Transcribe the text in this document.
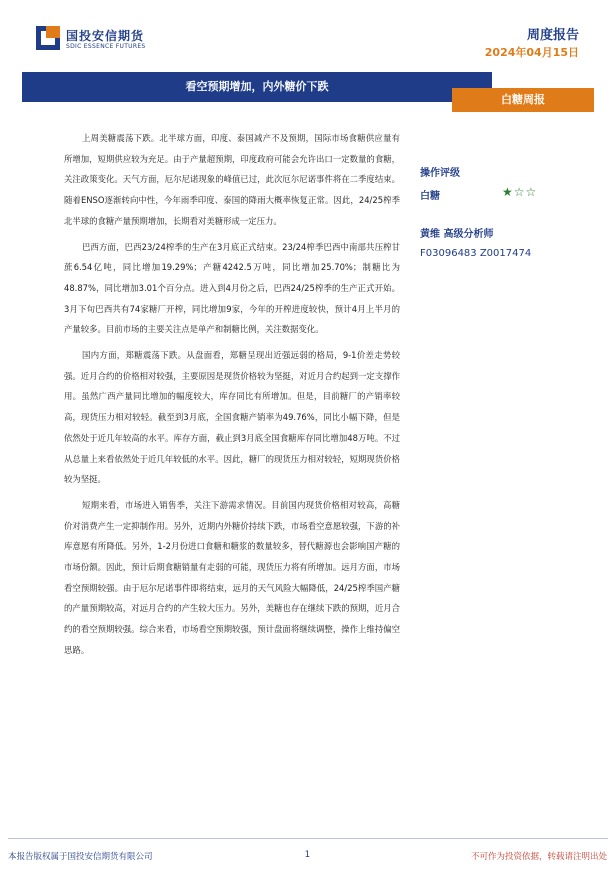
国投安信期货
SDIC ESSENCE FUTURES
周度报告
2024年04月15日
看空预期增加，内外糖价下跌
白糖周报

上周美糖震荡下跌。北半球方面，印度、泰国减产不及预期，国际市场食糖供应量有所增加，短期供应较为充足。由于产量超预期，印度政府可能会允许出口一定数量的食糖，关注政策变化。天气方面，厄尔尼诺现象的峰值已过，此次厄尔尼诺事件将在二季度结束。随着ENSO逐渐转向中性，今年雨季印度、泰国的降雨大概率恢复正常。因此，24/25榨季北半球的食糖产量预期增加，长期看对美糖形成一定压力。

巴西方面，巴西23/24榨季的生产在3月底正式结束。23/24榨季巴西中南部共压榨甘蔗6.54亿吨，同比增加19.29%；产糖4242.5万吨，同比增加25.70%；制糖比为48.87%，同比增加3.01个百分点。进入到4月份之后，巴西24/25榨季的生产正式开始。3月下旬巴西共有74家糖厂开榨，同比增加9家，今年的开榨进度较快，预计4月上半月的产量较多。目前市场的主要关注点是单产和制糖比例，关注数据变化。

国内方面，郑糖震荡下跌。从盘面看，郑糖呈现出近强远弱的格局，9-1价差走势较强。近月合约的价格相对较强，主要原因是现货价格较为坚挺，对近月合约起到一定支撑作用。虽然广西产量同比增加的幅度较大，库存同比有所增加。但是，目前糖厂的产销率较高，现货压力相对较轻。截至到3月底，全国食糖产销率为49.76%，同比小幅下降，但是依然处于近几年较高的水平。库存方面，截止到3月底全国食糖库存同比增加48万吨。不过从总量上来看依然处于近几年较低的水平。因此，糖厂的现货压力相对较轻，短期现货价格较为坚挺。

短期来看，市场进入销售季，关注下游需求情况。目前国内现货价格相对较高，高糖价对消费产生一定抑制作用。另外，近期内外糖价持续下跌，市场看空意愿较强，下游的补库意愿有所降低。另外，1-2月份进口食糖和糖浆的数量较多，替代糖源也会影响国产糖的市场份额。因此，预计后期食糖销量有走弱的可能，现货压力将有所增加。远月方面，市场看空预期较强。由于厄尔尼诺事件即将结束，远月的天气风险大幅降低，24/25榨季国产糖的产量预期较高，对远月合约的产生较大压力。另外，美糖也存在继续下跌的预期，近月合约的看空预期较强。综合来看，市场看空预期较强，预计盘面将继续调整，操作上维持偏空思路。

操作评级
白糖	★☆☆
黄维 高级分析师
F03096483 Z0017474
本报告版权属于国投安信期货有限公司	1	不可作为投资依据，转载请注明出处
